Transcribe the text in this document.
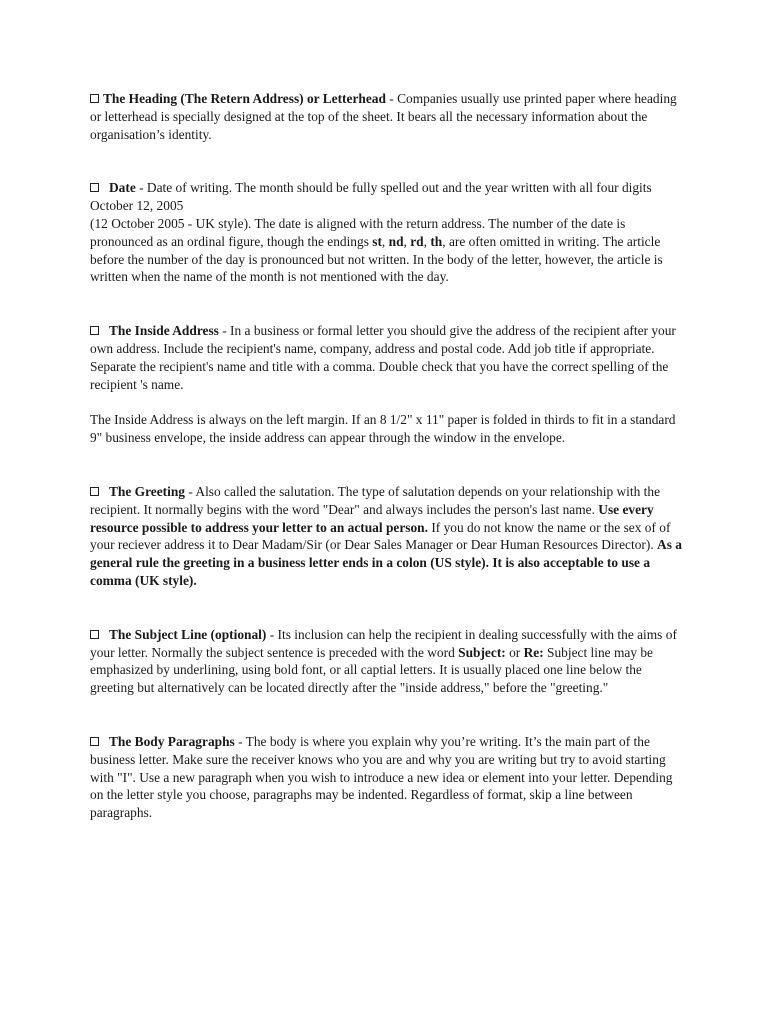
The Heading (The Retern Address) or Letterhead - Companies usually use printed paper where heading or letterhead is specially designed at the top of the sheet. It bears all the necessary information about the organisation’s identity.

Date - Date of writing. The month should be fully spelled out and the year written with all four digits October 12, 2005

(12 October 2005 - UK style). The date is aligned with the return address. The number of the date is pronounced as an ordinal figure, though the endings st, nd, rd, th, are often omitted in writing. The article before the number of the day is pronounced but not written. In the body of the letter, however, the article is written when the name of the month is not mentioned with the day.

The Inside Address - In a business or formal letter you should give the address of the recipient after your own address. Include the recipient's name, company, address and postal code. Add job title if appropriate. Separate the recipient's name and title with a comma. Double check that you have the correct spelling of the recipient 's name.

The Inside Address is always on the left margin. If an 8 1/2" x 11" paper is folded in thirds to fit in a standard 9" business envelope, the inside address can appear through the window in the envelope.

The Greeting - Also called the salutation. The type of salutation depends on your relationship with the recipient. It normally begins with the word "Dear" and always includes the person's last name. Use every resource possible to address your letter to an actual person. If you do not know the name or the sex of of your reciever address it to Dear Madam/Sir (or Dear Sales Manager or Dear Human Resources Director). As a general rule the greeting in a business letter ends in a colon (US style). It is also acceptable to use a comma (UK style).

The Subject Line (optional) - Its inclusion can help the recipient in dealing successfully with the aims of your letter. Normally the subject sentence is preceded with the word Subject: or Re: Subject line may be emphasized by underlining, using bold font, or all captial letters. It is usually placed one line below the greeting but alternatively can be located directly after the "inside address," before the "greeting."

The Body Paragraphs - The body is where you explain why you’re writing. It’s the main part of the business letter. Make sure the receiver knows who you are and why you are writing but try to avoid starting with "I". Use a new paragraph when you wish to introduce a new idea or element into your letter. Depending on the letter style you choose, paragraphs may be indented. Regardless of format, skip a line between paragraphs.
